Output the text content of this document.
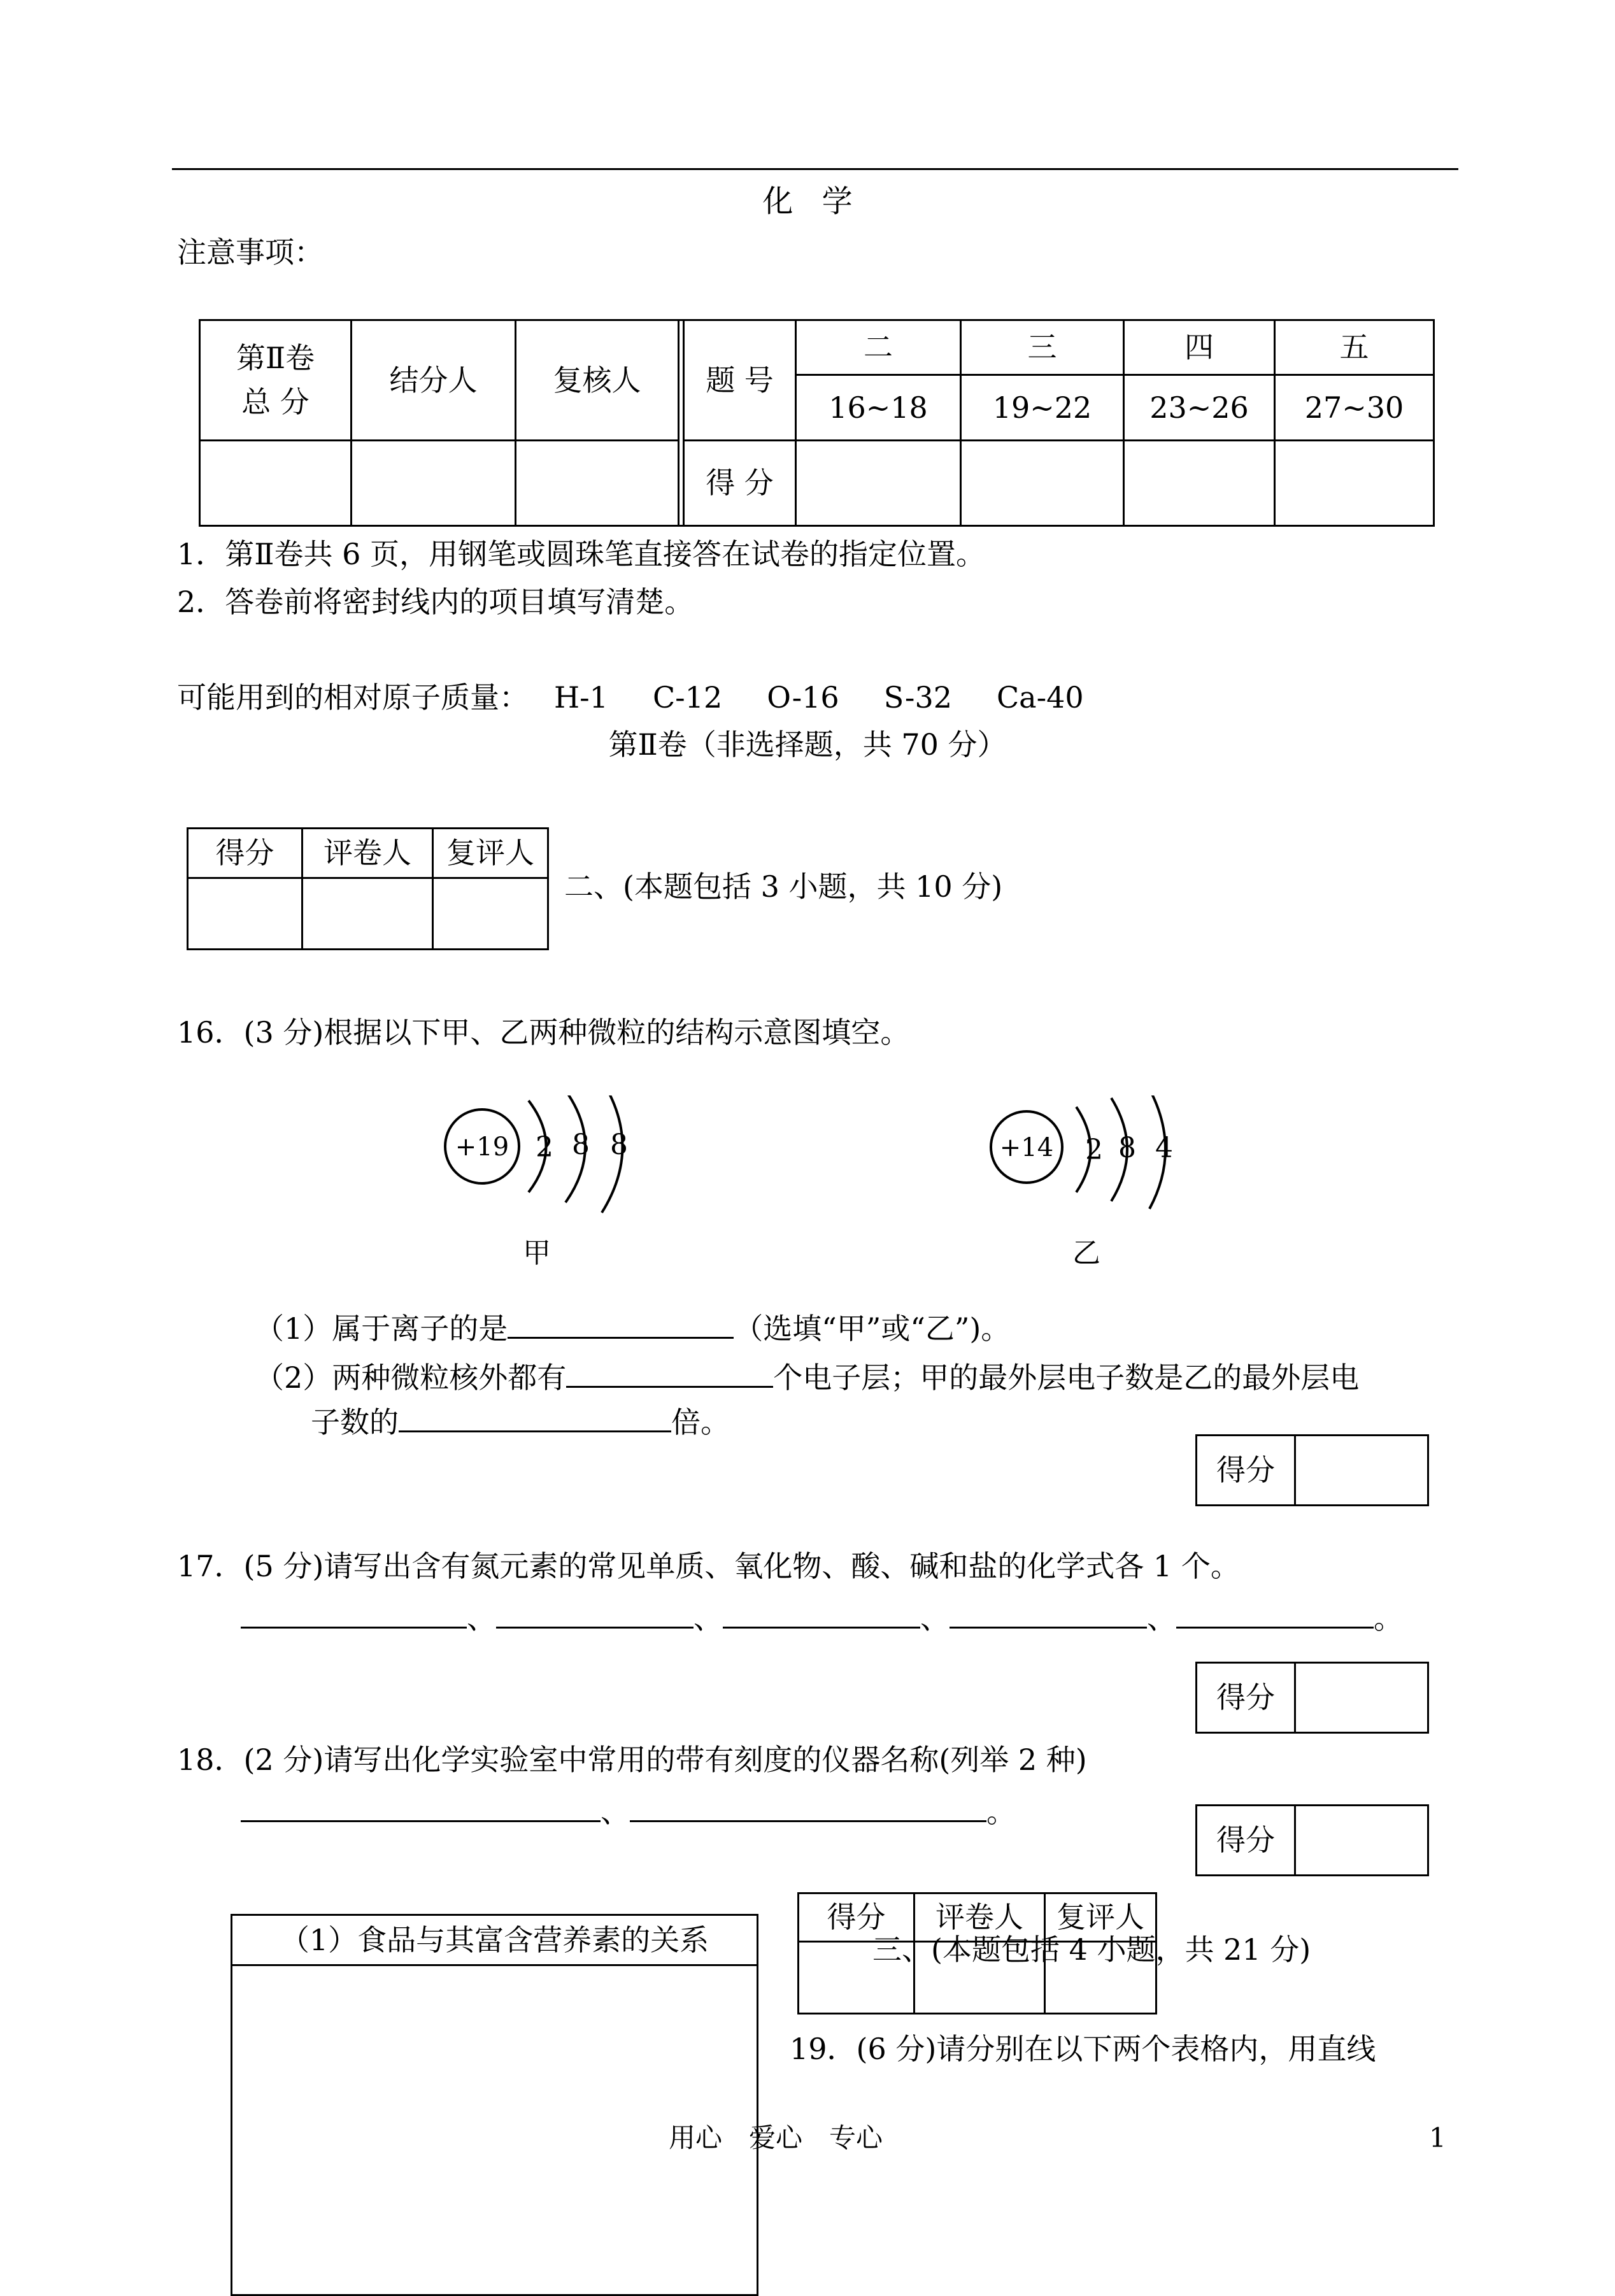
化 学
注意事项：
第Ⅱ卷
总 分	结分人	复核人		题 号	二	三	四	五
					16~18	19~22	23~26	27~30
				得 分				
1．第Ⅱ卷共 6 页，用钢笔或圆珠笔直接答在试卷的指定位置。
2．答卷前将密封线内的项目填写清楚。
可能用到的相对原子质量： H-1 C-12 O-16 S-32 Ca-40
第Ⅱ卷（非选择题，共 70 分）
得分	评卷人	复评人

二、(本题包括 3 小题，共 10 分)
16．(3 分)根据以下甲、乙两种微粒的结构示意图填空。
+19 2 8 8
甲
+14 2 8 4
乙
（1）属于离子的是	（选填“甲”或“乙”)。
（2）两种微粒核外都有	个电子层；甲的最外层电子数是乙的最外层电
子数的	倍。
得分	
17．(5 分)请写出含有氮元素的常见单质、氧化物、酸、碱和盐的化学式各 1 个。
、	、	、	、	。
得分	
18．(2 分)请写出化学实验室中常用的带有刻度的仪器名称(列举 2 种)
、	。
得分	
（1）食品与其富含营养素的关系
得分	评卷人	复评人

三、(本题包括 4 小题，共 21 分)
19．(6 分)请分别在以下两个表格内，用直线
用心　爱心　专心	1
